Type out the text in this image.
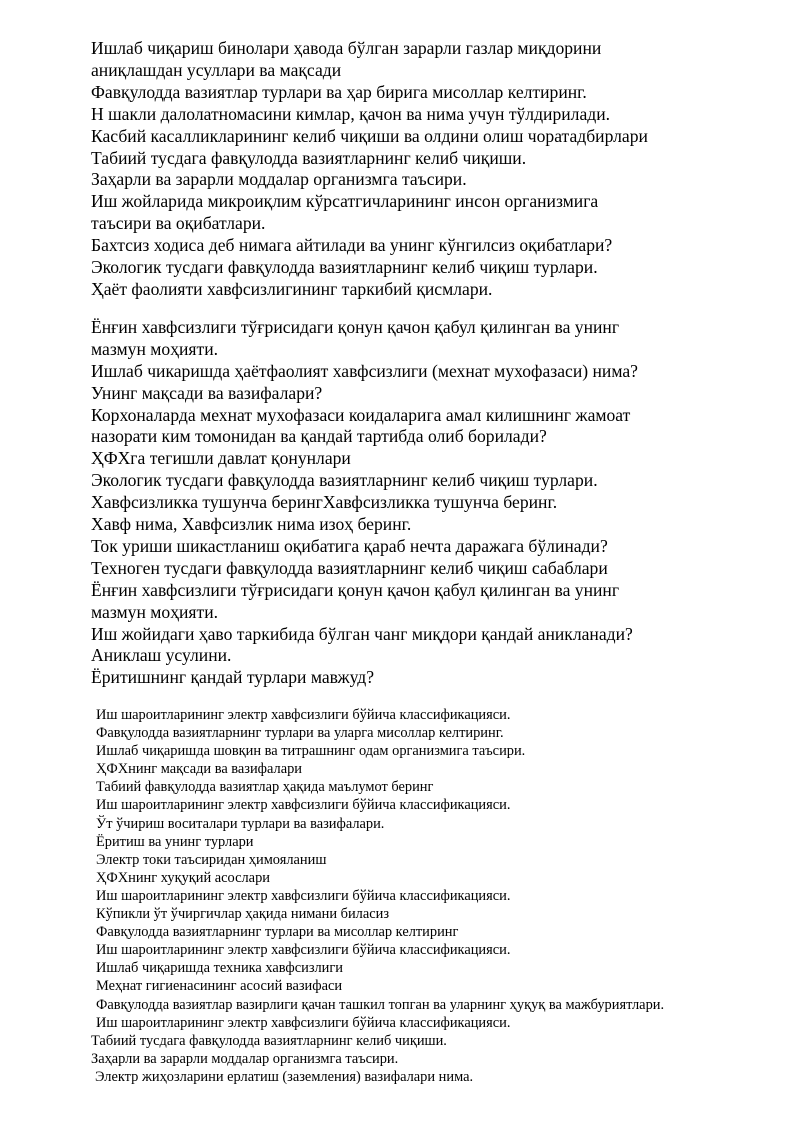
Ишлаб чиқариш бинолари ҳавода бўлган зарарли газлар миқдорини
аниқлашдан усуллари ва мақсади
Фавқулодда вазиятлар турлари ва ҳар бирига мисоллар келтиринг.
Н шакли далолатномасини кимлар, қачон ва нима учун тўлдирилади.
Касбий касалликларининг келиб чиқиши ва олдини олиш чоратадбирлари
Табиий тусдага фавқулодда вазиятларнинг келиб чиқиши.
Заҳарли ва зарарли моддалар организмга таъсири.
Иш жойларида микроиқлим кўрсатгичларининг инсон организмига
таъсири ва оқибатлари.
Бахтсиз ходиса деб нимага айтилади ва унинг кўнгилсиз оқибатлари?
Экологик тусдаги фавқулодда вазиятларнинг келиб чиқиш турлари.
Ҳаёт фаолияти хавфсизлигининг таркибий қисмлари.
Ёнғин хавфсизлиги тўғрисидаги қонун қачон қабул қилинган ва унинг
мазмун моҳияти.
Ишлаб чикаришда ҳаётфаолият хавфсизлиги (мехнат мухофазаси) нима?
Унинг мақсади ва вазифалари?
Корхоналарда мехнат мухофазаси коидаларига амал килишнинг жамоат
назорати ким томонидан ва қандай тартибда олиб борилади?
ҲФХга тегишли давлат қонунлари
Экологик тусдаги фавқулодда вазиятларнинг келиб чиқиш турлари.
Хавфсизликка тушунча берингХавфсизликка тушунча беринг.
Хавф нима, Хавфсизлик нима изоҳ беринг.
Ток уриши шикастланиш оқибатига қараб нечта даражага бўлинади?
Техноген тусдаги фавқулодда вазиятларнинг келиб чиқиш сабаблари
Ёнғин хавфсизлиги тўғрисидаги қонун қачон қабул қилинган ва унинг
мазмун моҳияти.
Иш жойидаги ҳаво таркибида бўлган чанг миқдори қандай аникланади?
Аниклаш усулини.
Ёритишнинг қандай турлари мавжуд?
Иш шароитларининг электр хавфсизлиги бўйича классификацияси.
Фавқулодда вазиятларнинг турлари ва уларга мисоллар келтиринг.
Ишлаб чиқаришда шовқин ва титрашнинг одам организмига таъсири.
ҲФХнинг мақсади ва вазифалари
Табиий фавқулодда вазиятлар ҳақида маълумот беринг
Иш шароитларининг электр хавфсизлиги бўйича классификацияси.
Ўт ўчириш воситалари турлари ва вазифалари.
Ёритиш ва унинг турлари
Электр токи таъсиридан ҳимояланиш
ҲФХнинг хуқуқий асослари
Иш шароитларининг электр хавфсизлиги бўйича классификацияси.
Кўпикли ўт ўчиргичлар ҳақида нимани биласиз
Фавқулодда вазиятларнинг турлари ва мисоллар келтиринг
Иш шароитларининг электр хавфсизлиги бўйича классификацияси.
Ишлаб чиқаришда техника хавфсизлиги
Меҳнат гигиенасининг асосий вазифаси
Фавқулодда вазиятлар вазирлиги қачан ташкил топган ва уларнинг ҳуқуқ ва мажбуриятлари.
Иш шароитларининг электр хавфсизлиги бўйича классификацияси.
Табиий тусдага фавқулодда вазиятларнинг келиб чиқиши.
Заҳарли ва зарарли моддалар организмга таъсири.
Электр жиҳозларини ерлатиш (заземления) вазифалари нима.
